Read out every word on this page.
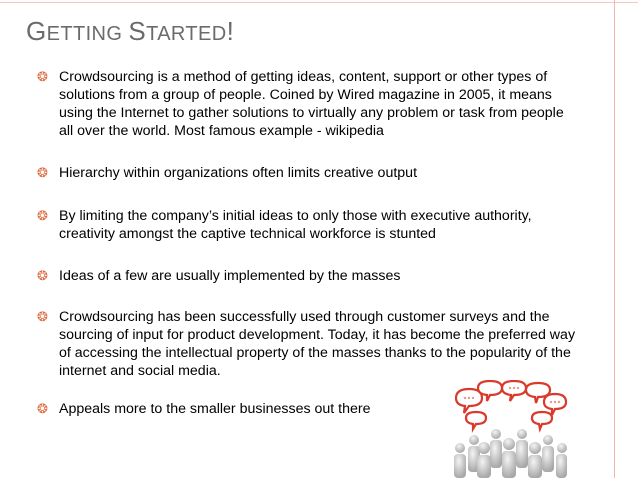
GETTING STARTED!
❂ Crowdsourcing is a method of getting ideas, content, support or other types of solutions from a group of people. Coined by Wired magazine in 2005, it means using the Internet to gather solutions to virtually any problem or task from people all over the world. Most famous example - wikipedia
❂ Hierarchy within organizations often limits creative output
❂ By limiting the company’s initial ideas to only those with executive authority, creativity amongst the captive technical workforce is stunted
❂ Ideas of a few are usually implemented by the masses
❂ Crowdsourcing has been successfully used through customer surveys and the sourcing of input for product development. Today, it has become the preferred way of accessing the intellectual property of the masses thanks to the popularity of the internet and social media.
❂ Appeals more to the smaller businesses out there
